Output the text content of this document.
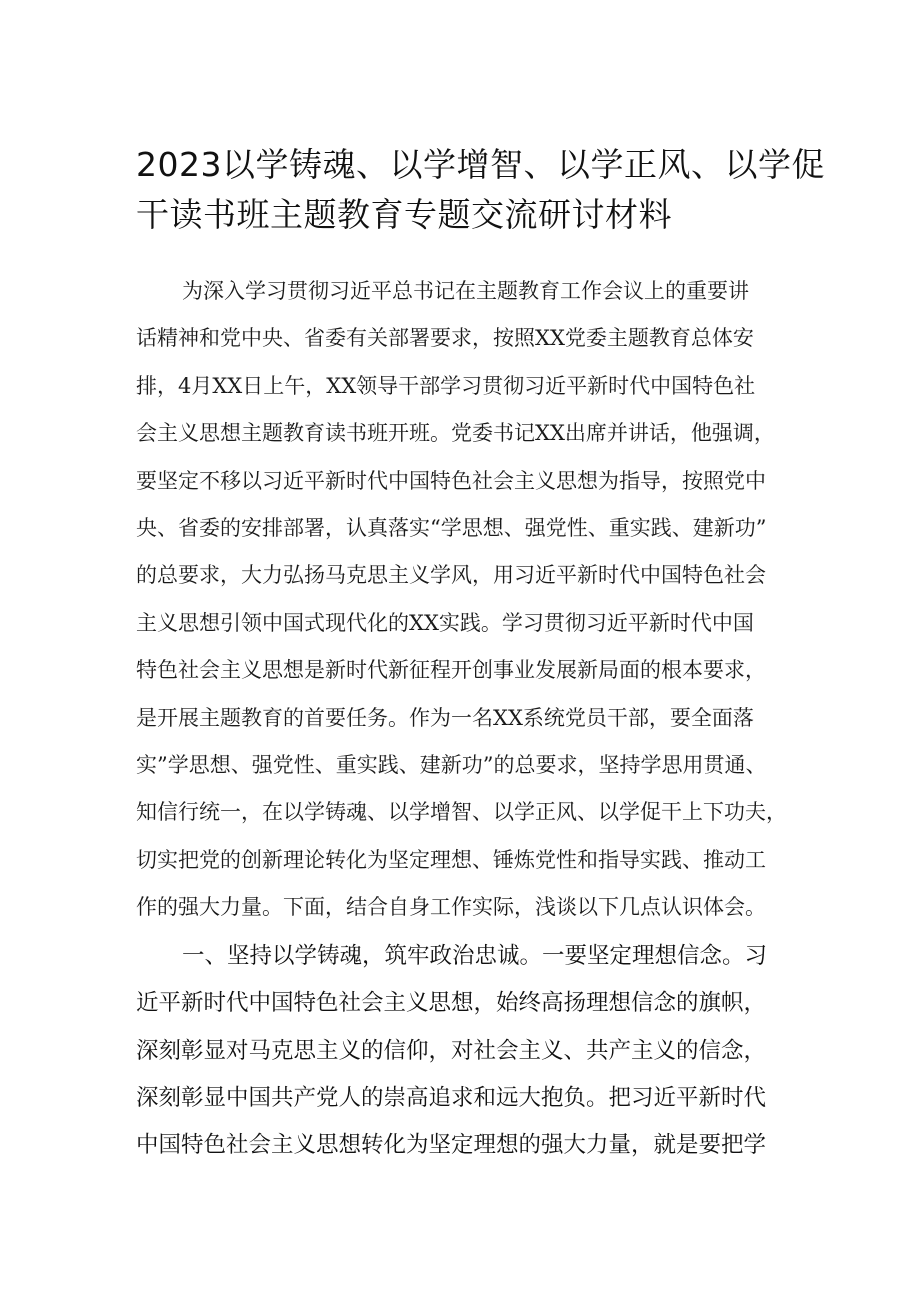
2023以学铸魂、以学增智、以学正风、以学促
干读书班主题教育专题交流研讨材料

为深入学习贯彻习近平总书记在主题教育工作会议上的重要讲
话精神和党中央、省委有关部署要求，按照XX党委主题教育总体安
排，4月XX日上午，XX领导干部学习贯彻习近平新时代中国特色社
会主义思想主题教育读书班开班。党委书记XX出席并讲话，他强调，
要坚定不移以习近平新时代中国特色社会主义思想为指导，按照党中
央、省委的安排部署，认真落实“学思想、强党性、重实践、建新功”
的总要求，大力弘扬马克思主义学风，用习近平新时代中国特色社会
主义思想引领中国式现代化的XX实践。学习贯彻习近平新时代中国
特色社会主义思想是新时代新征程开创事业发展新局面的根本要求，
是开展主题教育的首要任务。作为一名XX系统党员干部，要全面落
实”学思想、强党性、重实践、建新功”的总要求，坚持学思用贯通、
知信行统一，在以学铸魂、以学增智、以学正风、以学促干上下功夫，
切实把党的创新理论转化为坚定理想、锤炼党性和指导实践、推动工
作的强大力量。下面，结合自身工作实际，浅谈以下几点认识体会。

一、坚持以学铸魂，筑牢政治忠诚。一要坚定理想信念。习
近平新时代中国特色社会主义思想，始终高扬理想信念的旗帜，
深刻彰显对马克思主义的信仰，对社会主义、共产主义的信念，
深刻彰显中国共产党人的崇高追求和远大抱负。把习近平新时代
中国特色社会主义思想转化为坚定理想的强大力量，就是要把学
